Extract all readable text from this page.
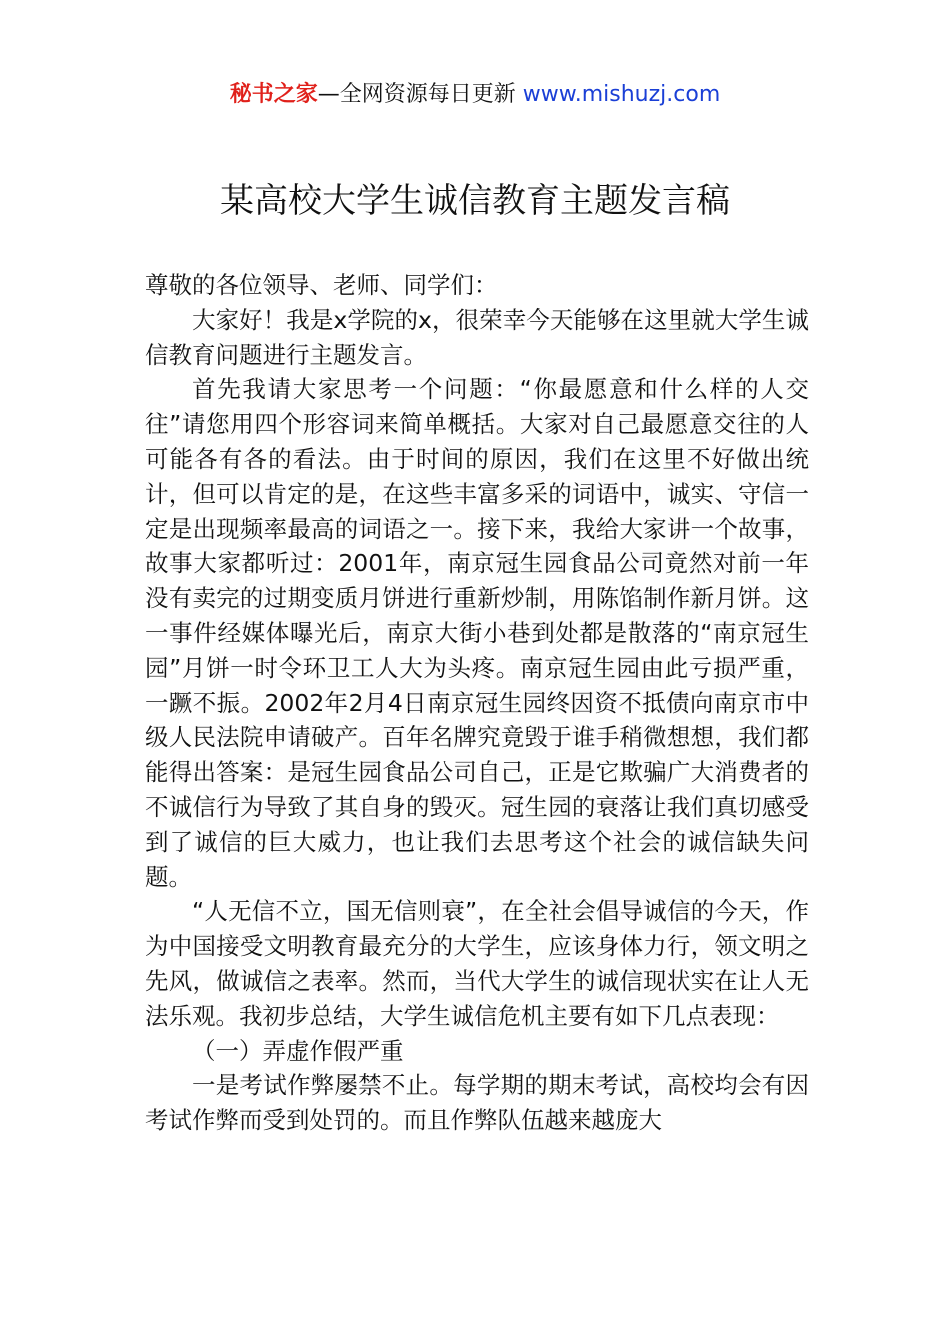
秘书之家—全网资源每日更新 www.mishuzj.com
某高校大学生诚信教育主题发言稿

尊敬的各位领导、老师、同学们：

大家好！我是x学院的x，很荣幸今天能够在这里就大学生诚信教育问题进行主题发言。

首先我请大家思考一个问题：“你最愿意和什么样的人交往”请您用四个形容词来简单概括。大家对自己最愿意交往的人可能各有各的看法。由于时间的原因，我们在这里不好做出统计，但可以肯定的是，在这些丰富多采的词语中，诚实、守信一定是出现频率最高的词语之一。接下来，我给大家讲一个故事，故事大家都听过：2001年，南京冠生园食品公司竟然对前一年没有卖完的过期变质月饼进行重新炒制，用陈馅制作新月饼。这一事件经媒体曝光后，南京大街小巷到处都是散落的“南京冠生园”月饼一时令环卫工人大为头疼。南京冠生园由此亏损严重，一蹶不振。2002年2月4日南京冠生园终因资不抵债向南京市中级人民法院申请破产。百年名牌究竟毁于谁手稍微想想，我们都能得出答案：是冠生园食品公司自己，正是它欺骗广大消费者的不诚信行为导致了其自身的毁灭。冠生园的衰落让我们真切感受到了诚信的巨大威力，也让我们去思考这个社会的诚信缺失问题。

“人无信不立，国无信则衰”，在全社会倡导诚信的今天，作为中国接受文明教育最充分的大学生，应该身体力行，领文明之先风，做诚信之表率。然而，当代大学生的诚信现状实在让人无法乐观。我初步总结，大学生诚信危机主要有如下几点表现：

（一）弄虚作假严重

一是考试作弊屡禁不止。每学期的期末考试，高校均会有因考试作弊而受到处罚的。而且作弊队伍越来越庞大
